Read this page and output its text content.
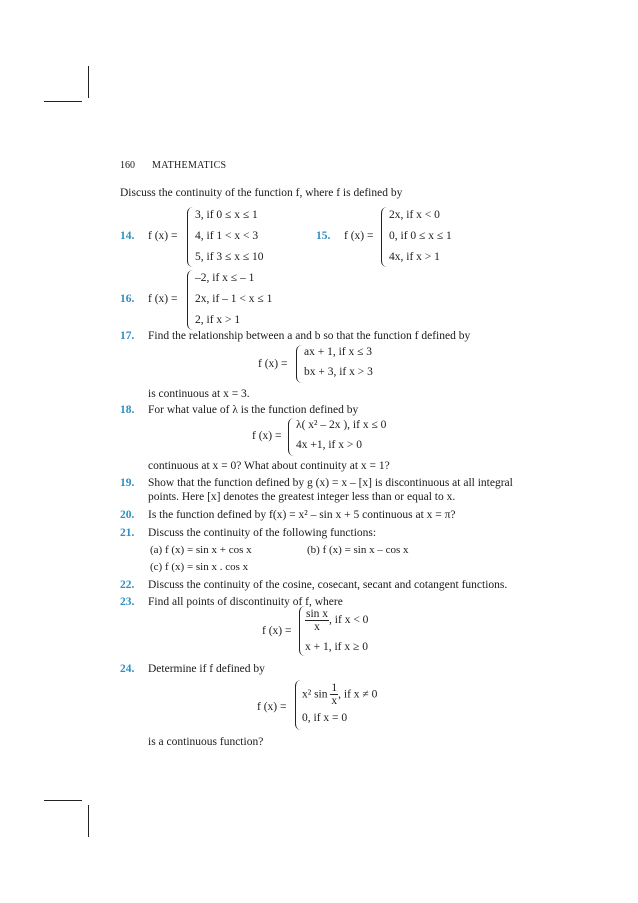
160 MATHEMATICS
Discuss the continuity of the function f, where f is defined by
14. f (x) =
3, if 0 ≤ x ≤ 1
4, if 1 < x < 3
5, if 3 ≤ x ≤ 10
15. f (x) =
2x, if x < 0
0, if 0 ≤ x ≤ 1
4x, if x > 1
16. f (x) =
–2, if x ≤ – 1
2x, if – 1 < x ≤ 1
2, if x > 1
17. Find the relationship between a and b so that the function f defined by
f (x) =
ax + 1, if x ≤ 3
bx + 3, if x > 3
is continuous at x = 3.
18. For what value of λ is the function defined by
f (x) =
λ( x² – 2x ), if x ≤ 0
4x +1, if x > 0
continuous at x = 0? What about continuity at x = 1?
19. Show that the function defined by g (x) = x – [x] is discontinuous at all integral
points. Here [x] denotes the greatest integer less than or equal to x.
20. Is the function defined by f(x) = x² – sin x + 5 continuous at x = π?
21. Discuss the continuity of the following functions:
(a) f (x) = sin x + cos x	(b) f (x) = sin x – cos x
(c) f (x) = sin x . cos x
22. Discuss the continuity of the cosine, cosecant, secant and cotangent functions.
23. Find all points of discontinuity of f, where
f $(x) = \frac{\text{sin x}}{x}$ , if x < 0
x + 1, if x ≥ 0
24. Determine if f defined by
f (x) =
x² $\sin \frac{1}{x}$ , if x ≠ 0
0, if x = 0
is a continuous function?
